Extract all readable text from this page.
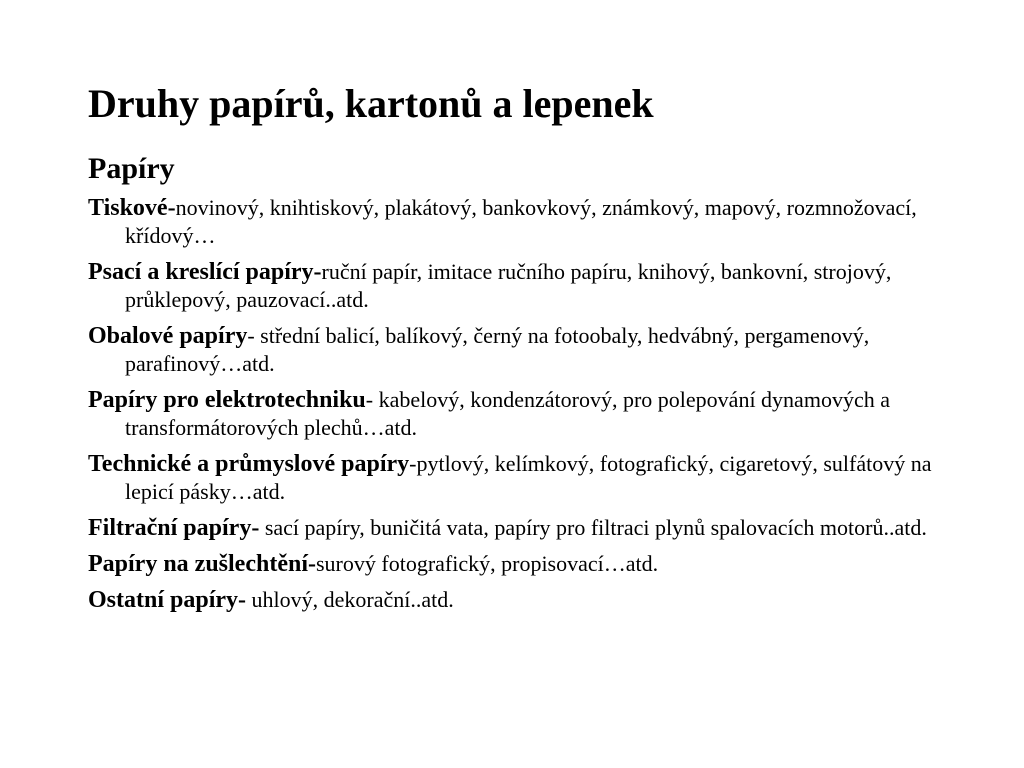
Druhy papírů, kartonů a lepenek
Papíry
Tiskové-novinový, knihtiskový, plakátový, bankovkový, známkový, mapový, rozmnožovací, křídový…
Psací a kreslící papíry-ruční papír, imitace ručního papíru, knihový, bankovní, strojový, průklepový, pauzovací..atd.
Obalové papíry- střední balicí, balíkový, černý na fotoobaly, hedvábný, pergamenový, parafinový…atd.
Papíry pro elektrotechniku- kabelový, kondenzátorový, pro polepování dynamových a transformátorových plechů…atd.
Technické a průmyslové papíry-pytlový, kelímkový, fotografický, cigaretový, sulfátový na lepicí pásky…atd.
Filtrační papíry- sací papíry, buničitá vata, papíry pro filtraci plynů spalovacích motorů..atd.
Papíry na zušlechtění-surový fotografický, propisovací…atd.
Ostatní papíry- uhlový, dekorační..atd.
